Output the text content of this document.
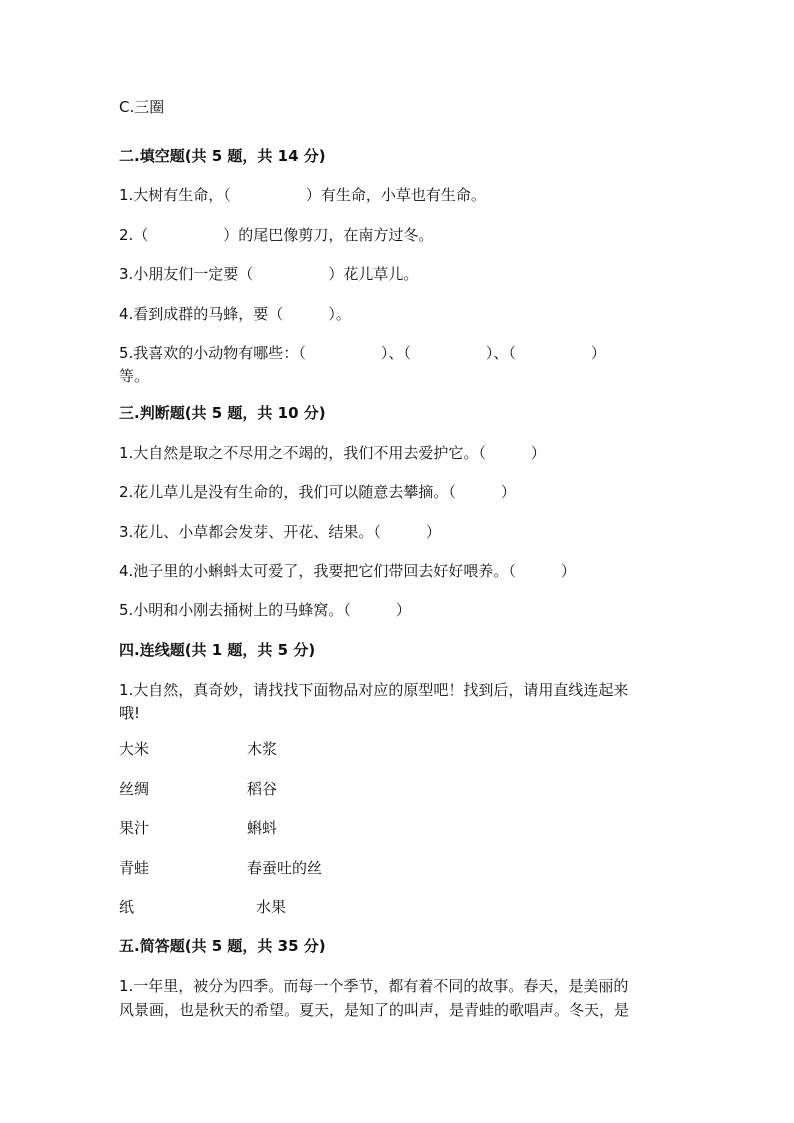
C.三圈
二.填空题(共 5 题，共 14 分)
1.大树有生命，（　　　　　）有生命，小草也有生命。
2.（　　　　　）的尾巴像剪刀，在南方过冬。
3.小朋友们一定要（　　　　　）花儿草儿。
4.看到成群的马蜂，要（　　　）。
5.我喜欢的小动物有哪些：（　　　　　）、（　　　　　）、（　　　　　）
等。
三.判断题(共 5 题，共 10 分)
1.大自然是取之不尽用之不竭的，我们不用去爱护它。（　　　）
2.花儿草儿是没有生命的，我们可以随意去攀摘。（　　　）
3.花儿、小草都会发芽、开花、结果。（　　　）
4.池子里的小蝌蚪太可爱了，我要把它们带回去好好喂养。（　　　）
5.小明和小刚去捅树上的马蜂窝。（　　　）
四.连线题(共 1 题，共 5 分)
1.大自然，真奇妙，请找找下面物品对应的原型吧！找到后，请用直线连起来
哦!
大米	木浆
丝绸	稻谷
果汁	蝌蚪
青蛙	春蚕吐的丝
纸	水果
五.简答题(共 5 题，共 35 分)
1.一年里，被分为四季。而每一个季节，都有着不同的故事。春天，是美丽的
风景画，也是秋天的希望。夏天，是知了的叫声，是青蛙的歌唱声。冬天，是
